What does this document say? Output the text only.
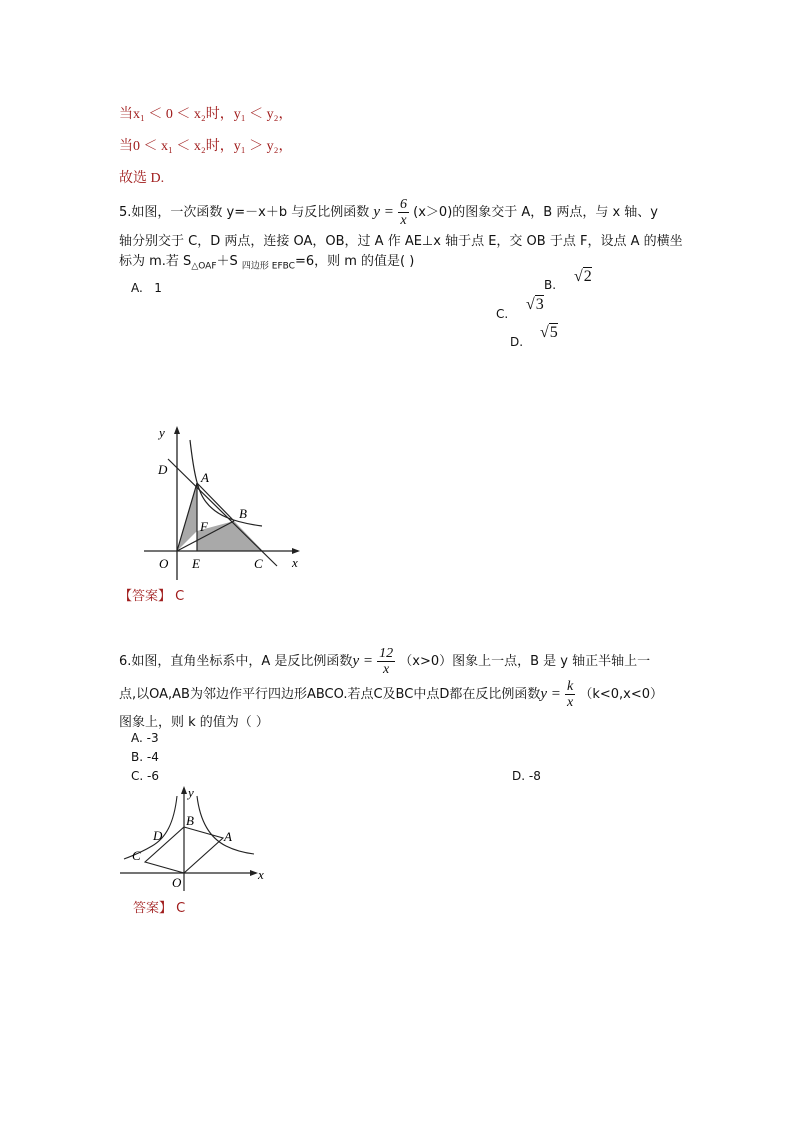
当x₁ ＜ 0 ＜ x₂时，y₁ ＜ y₂，
当0 ＜ x₁ ＜ x₂时，y₁ ＞ y₂，
故选 D.
5.如图，一次函数 y=－x＋b 与反比例函数 $y = \frac{6}{x} (x>0)$的图象交于 A，B 两点，与 x 轴、y
轴分别交于 C，D 两点，连接 OA，OB，过 A 作 AE⊥x 轴于点 E，交 OB 于点 F，设点 A 的横坐
标为 m.若 $S_{\triangle OAF}+S$ $_{四边形 EFBC}$=6，则 m 的值是( )
A. 1	B. √2
C.
√3
D.
√5
y
D
A
F
B
O E	C x
【答案】 C
6.如图，直角坐标系中，A 是反比例函数$y = \frac{12}{x} (x>0)$图象上一点，B 是 y 轴正半轴上一
点,以OA,AB为邻边作平行四边形ABCO.若点C及BC中点D都在反比例函数$y = \frac{k}{x} (k<0,x<0)$
图象上，则 k 的值为（ ）
A. -3
B. -4
C. -6	D. -8
y
B
D	A
C
O
x
答案】 C
